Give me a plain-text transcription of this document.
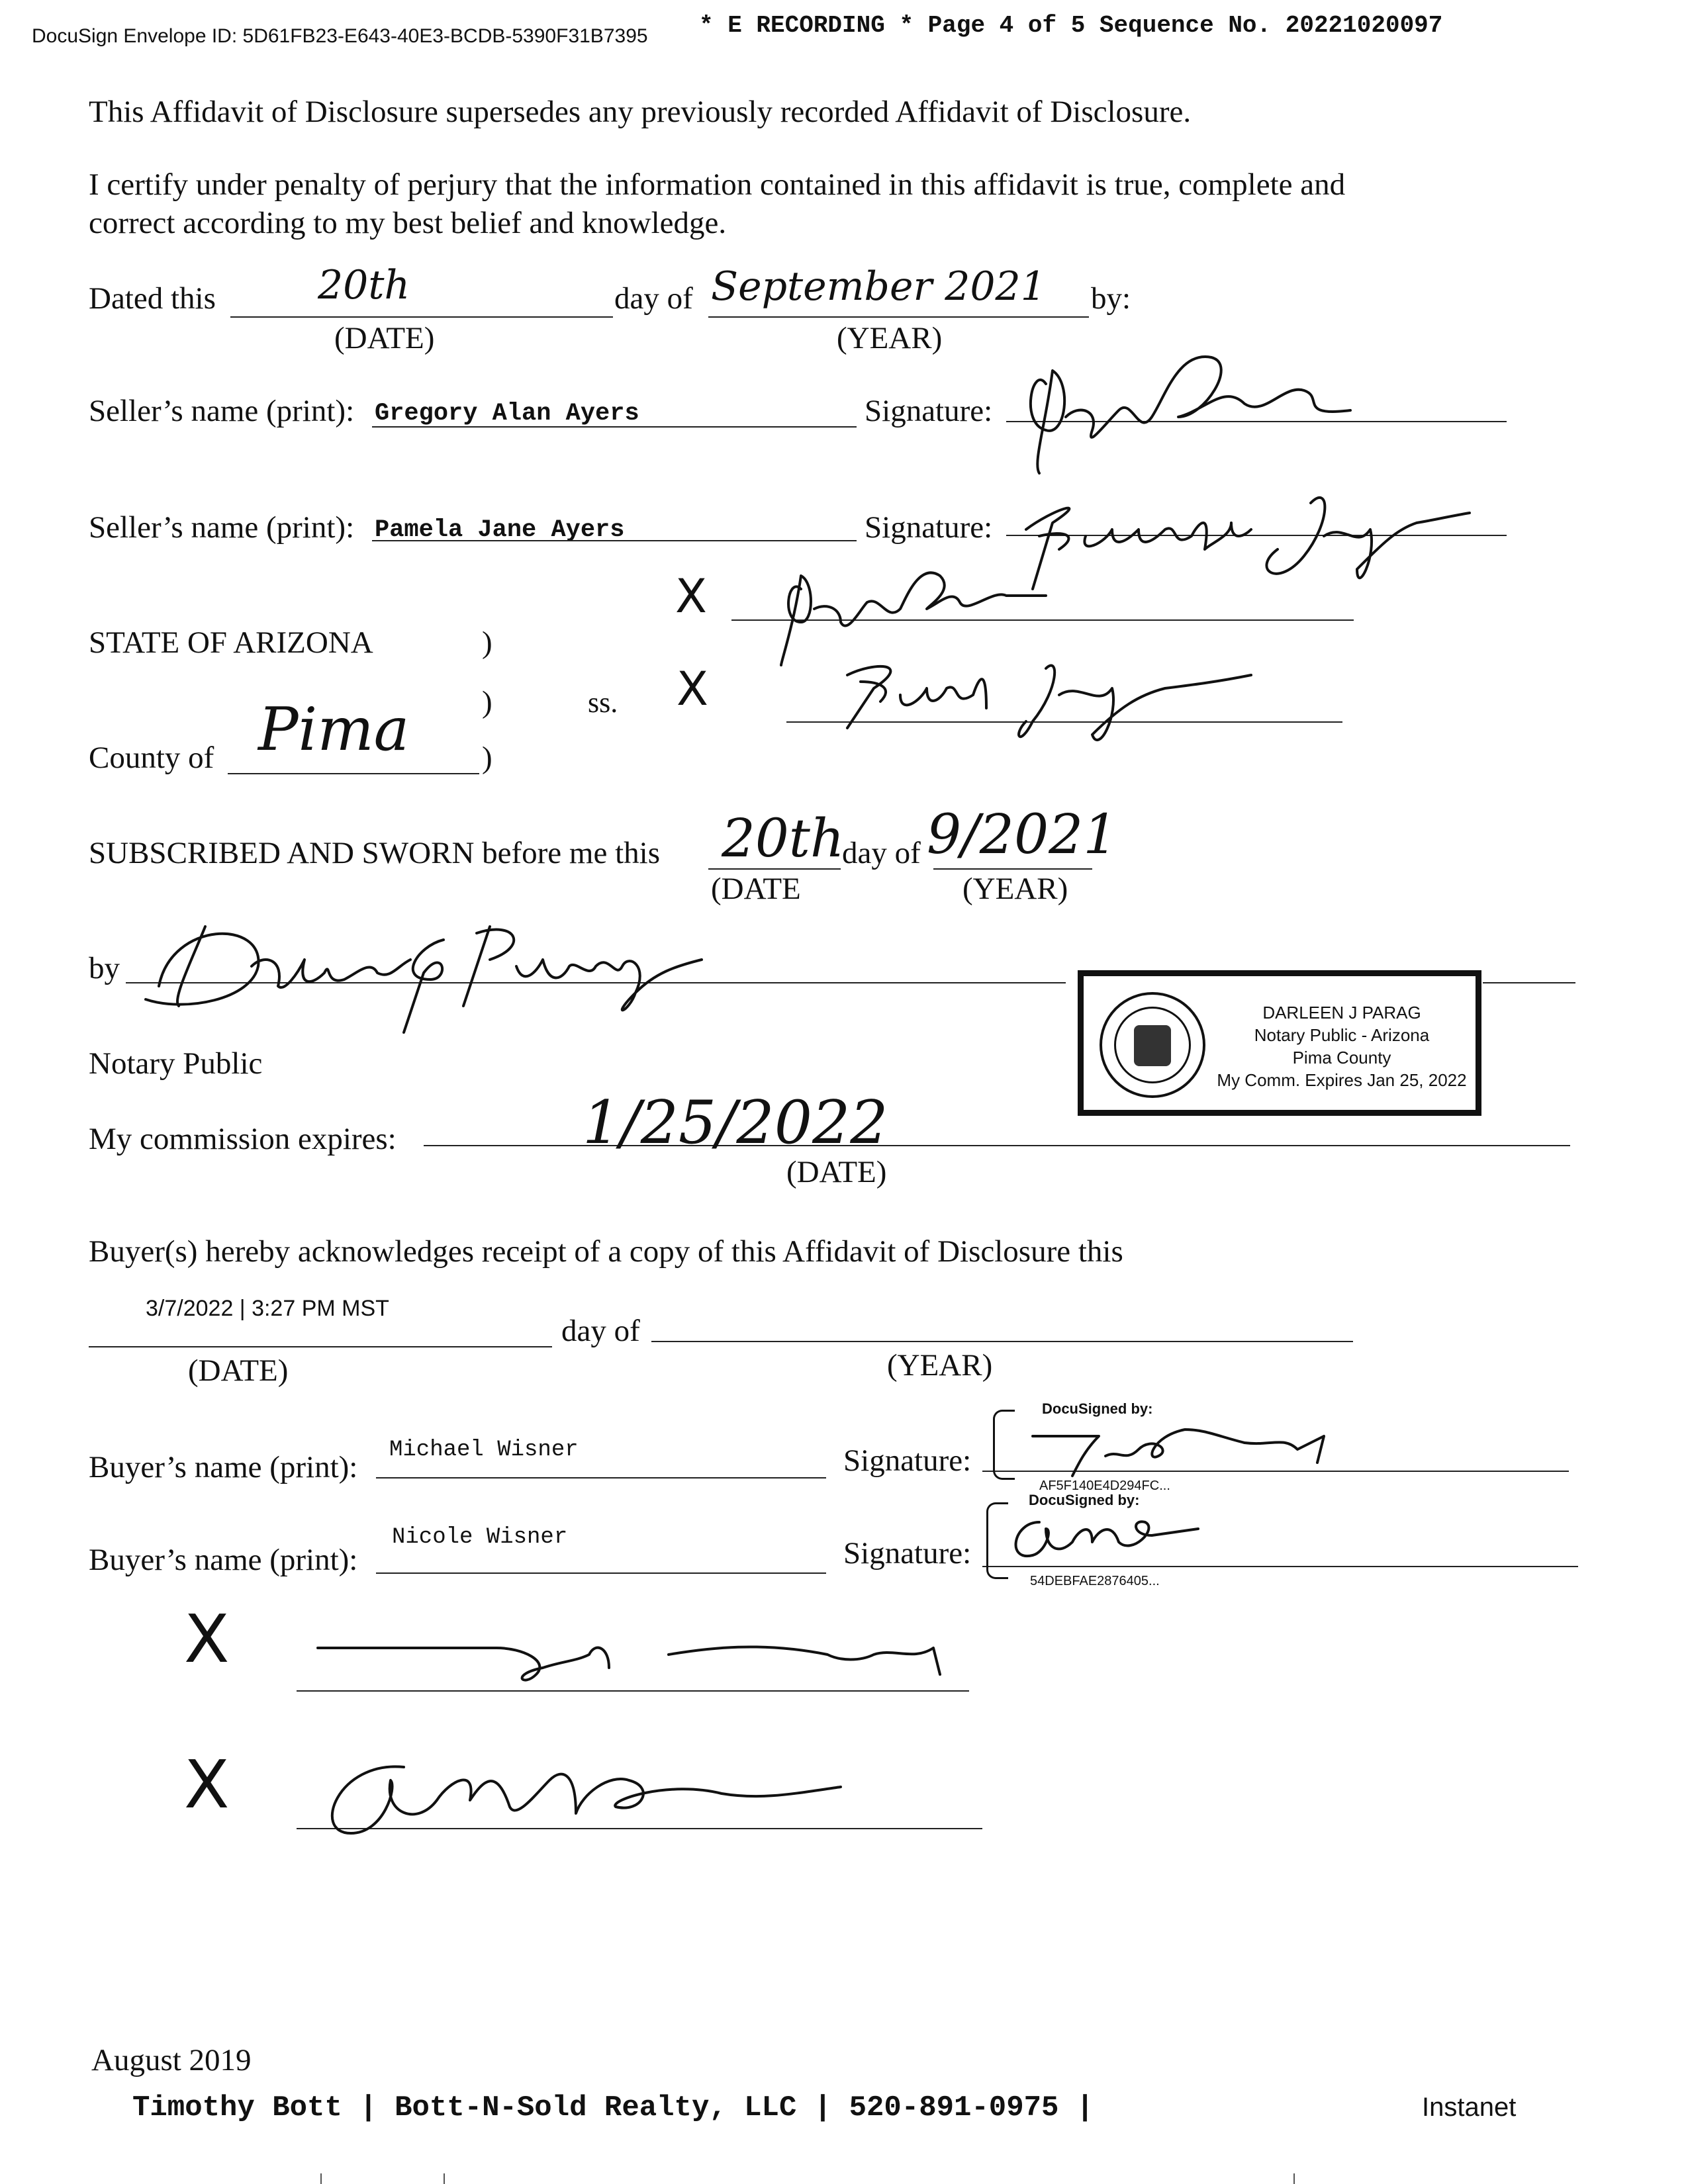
DocuSign Envelope ID: 5D61FB23-E643-40E3-BCDB-5390F31B7395 * E RECORDING * Page 4 of 5 Sequence No. 20221020097
This Affidavit of Disclosure supersedes any previously recorded Affidavit of Disclosure.
I certify under penalty of perjury that the information contained in this affidavit is true, complete and
correct according to my best belief and knowledge.
Dated this	20th	day of September 2021 by:
(DATE)	(YEAR)
Seller’s name (print): Gregory Alan Ayers	Signature:
Seller’s name (print): Pamela Jane Ayers	Signature:
X
STATE OF ARIZONA	)
)	ss. X
County of Pima )
SUBSCRIBED AND SWORN before me this 20th
day of 9/2021
(DATE	(YEAR)
by
DARLEEN J PARAG
Notary Public - Arizona
Pima County
My Comm. Expires Jan 25, 2022
Notary Public
My commission expires:	1/25/2022
(DATE)
Buyer(s) hereby acknowledges receipt of a copy of this Affidavit of Disclosure this
3/7/2022 | 3:27 PM MST
day of
(DATE)	(YEAR)
Buyer’s name (print): Michael Wisner	Signature:
DocuSigned by:
AF5F140E4D294FC...
Buyer’s name (print):
Nicole Wisner	Signature:
DocuSigned by:
54DEBFAE2876405...
X
X
August 2019
Timothy Bott | Bott-N-Sold Realty, LLC | 520-891-0975 |	Instanet
